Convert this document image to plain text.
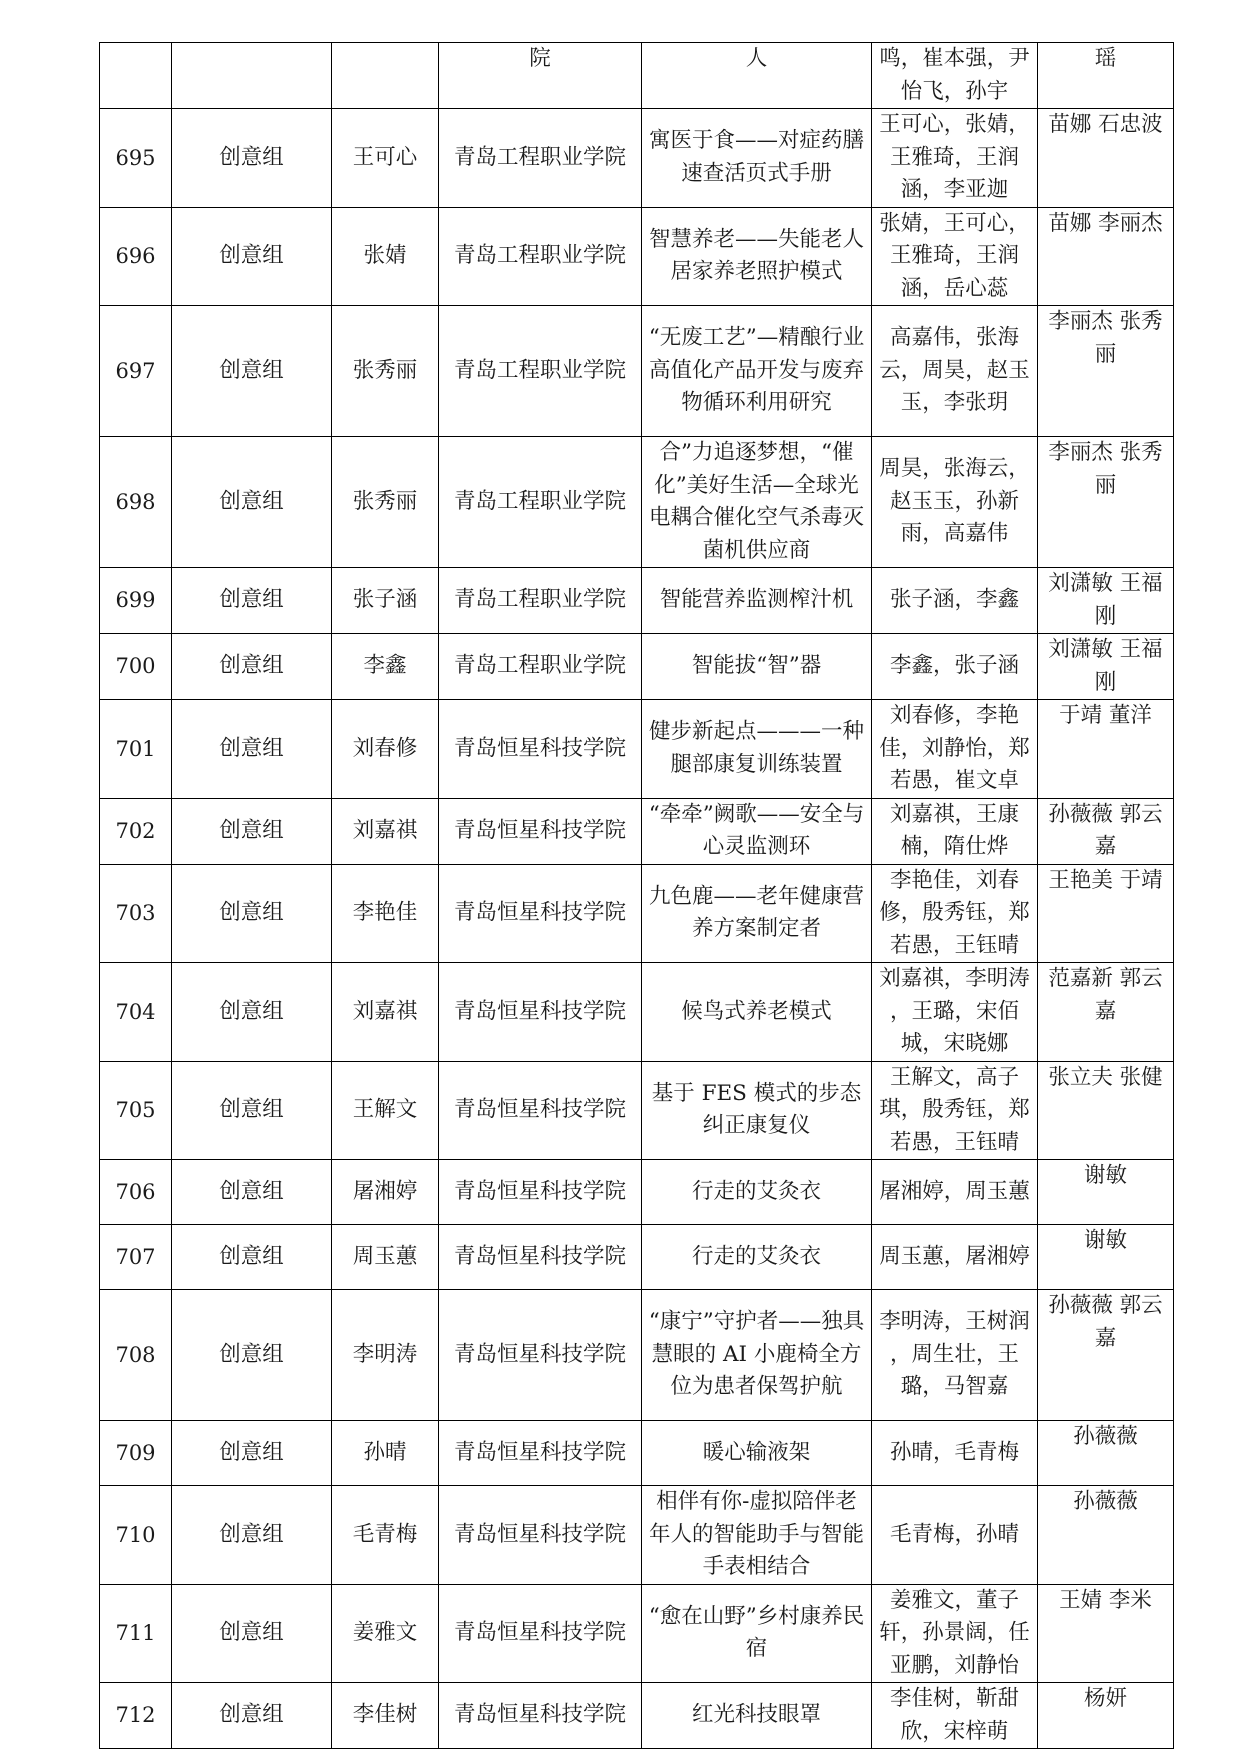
			院	人	鸣，崔本强，尹怡飞，孙宇	瑶
695	创意组	王可心	青岛工程职业学院	寓医于食——对症药膳速查活页式手册	王可心，张婧，王雅琦，王润涵，李亚迦	苗娜 石忠波
696	创意组	张婧	青岛工程职业学院	智慧养老——失能老人居家养老照护模式	张婧，王可心，王雅琦，王润涵，岳心蕊	苗娜 李丽杰
697	创意组	张秀丽	青岛工程职业学院	“无废工艺”—精酿行业高值化产品开发与废弃物循环利用研究	高嘉伟，张海云，周昊，赵玉玉，李张玥	李丽杰 张秀丽
698	创意组	张秀丽	青岛工程职业学院	合”力追逐梦想，“催化”美好生活—全球光电耦合催化空气杀毒灭菌机供应商	周昊，张海云，赵玉玉，孙新雨，高嘉伟	李丽杰 张秀丽
699	创意组	张子涵	青岛工程职业学院	智能营养监测榨汁机	张子涵，李鑫	刘潇敏 王福刚
700	创意组	李鑫	青岛工程职业学院	智能拔“智”器	李鑫，张子涵	刘潇敏 王福刚
701	创意组	刘春修	青岛恒星科技学院	健步新起点———一种腿部康复训练装置	刘春修，李艳佳，刘静怡，郑若愚，崔文卓	于靖 董洋
702	创意组	刘嘉祺	青岛恒星科技学院	“牵牵”阙歌——安全与心灵监测环	刘嘉祺，王康楠，隋仕烨	孙薇薇 郭云嘉
703	创意组	李艳佳	青岛恒星科技学院	九色鹿——老年健康营养方案制定者	李艳佳，刘春修，殷秀钰，郑若愚，王钰晴	王艳美 于靖
704	创意组	刘嘉祺	青岛恒星科技学院	候鸟式养老模式	刘嘉祺，李明涛 ，王璐，宋佰城，宋晓娜	范嘉新 郭云嘉
705	创意组	王解文	青岛恒星科技学院	基于 FES 模式的步态纠正康复仪	王解文，高子琪，殷秀钰，郑若愚，王钰晴	张立夫 张健
706	创意组	屠湘婷	青岛恒星科技学院	行走的艾灸衣	屠湘婷，周玉蕙	谢敏
707	创意组	周玉蕙	青岛恒星科技学院	行走的艾灸衣	周玉蕙，屠湘婷	谢敏
708	创意组	李明涛	青岛恒星科技学院	“康宁”守护者——独具慧眼的 AI 小鹿椅全方位为患者保驾护航	李明涛，王树润 ，周生壮，王璐，马智嘉	孙薇薇 郭云嘉
709	创意组	孙晴	青岛恒星科技学院	暖心输液架	孙晴，毛青梅	孙薇薇
710	创意组	毛青梅	青岛恒星科技学院	相伴有你-虚拟陪伴老年人的智能助手与智能手表相结合	毛青梅，孙晴	孙薇薇
711	创意组	姜雅文	青岛恒星科技学院	“愈在山野”乡村康养民宿	姜雅文，董子轩，孙景阔，任亚鹏，刘静怡	王婧 李米
712	创意组	李佳树	青岛恒星科技学院	红光科技眼罩	李佳树，靳甜欣，宋梓萌	杨妍
